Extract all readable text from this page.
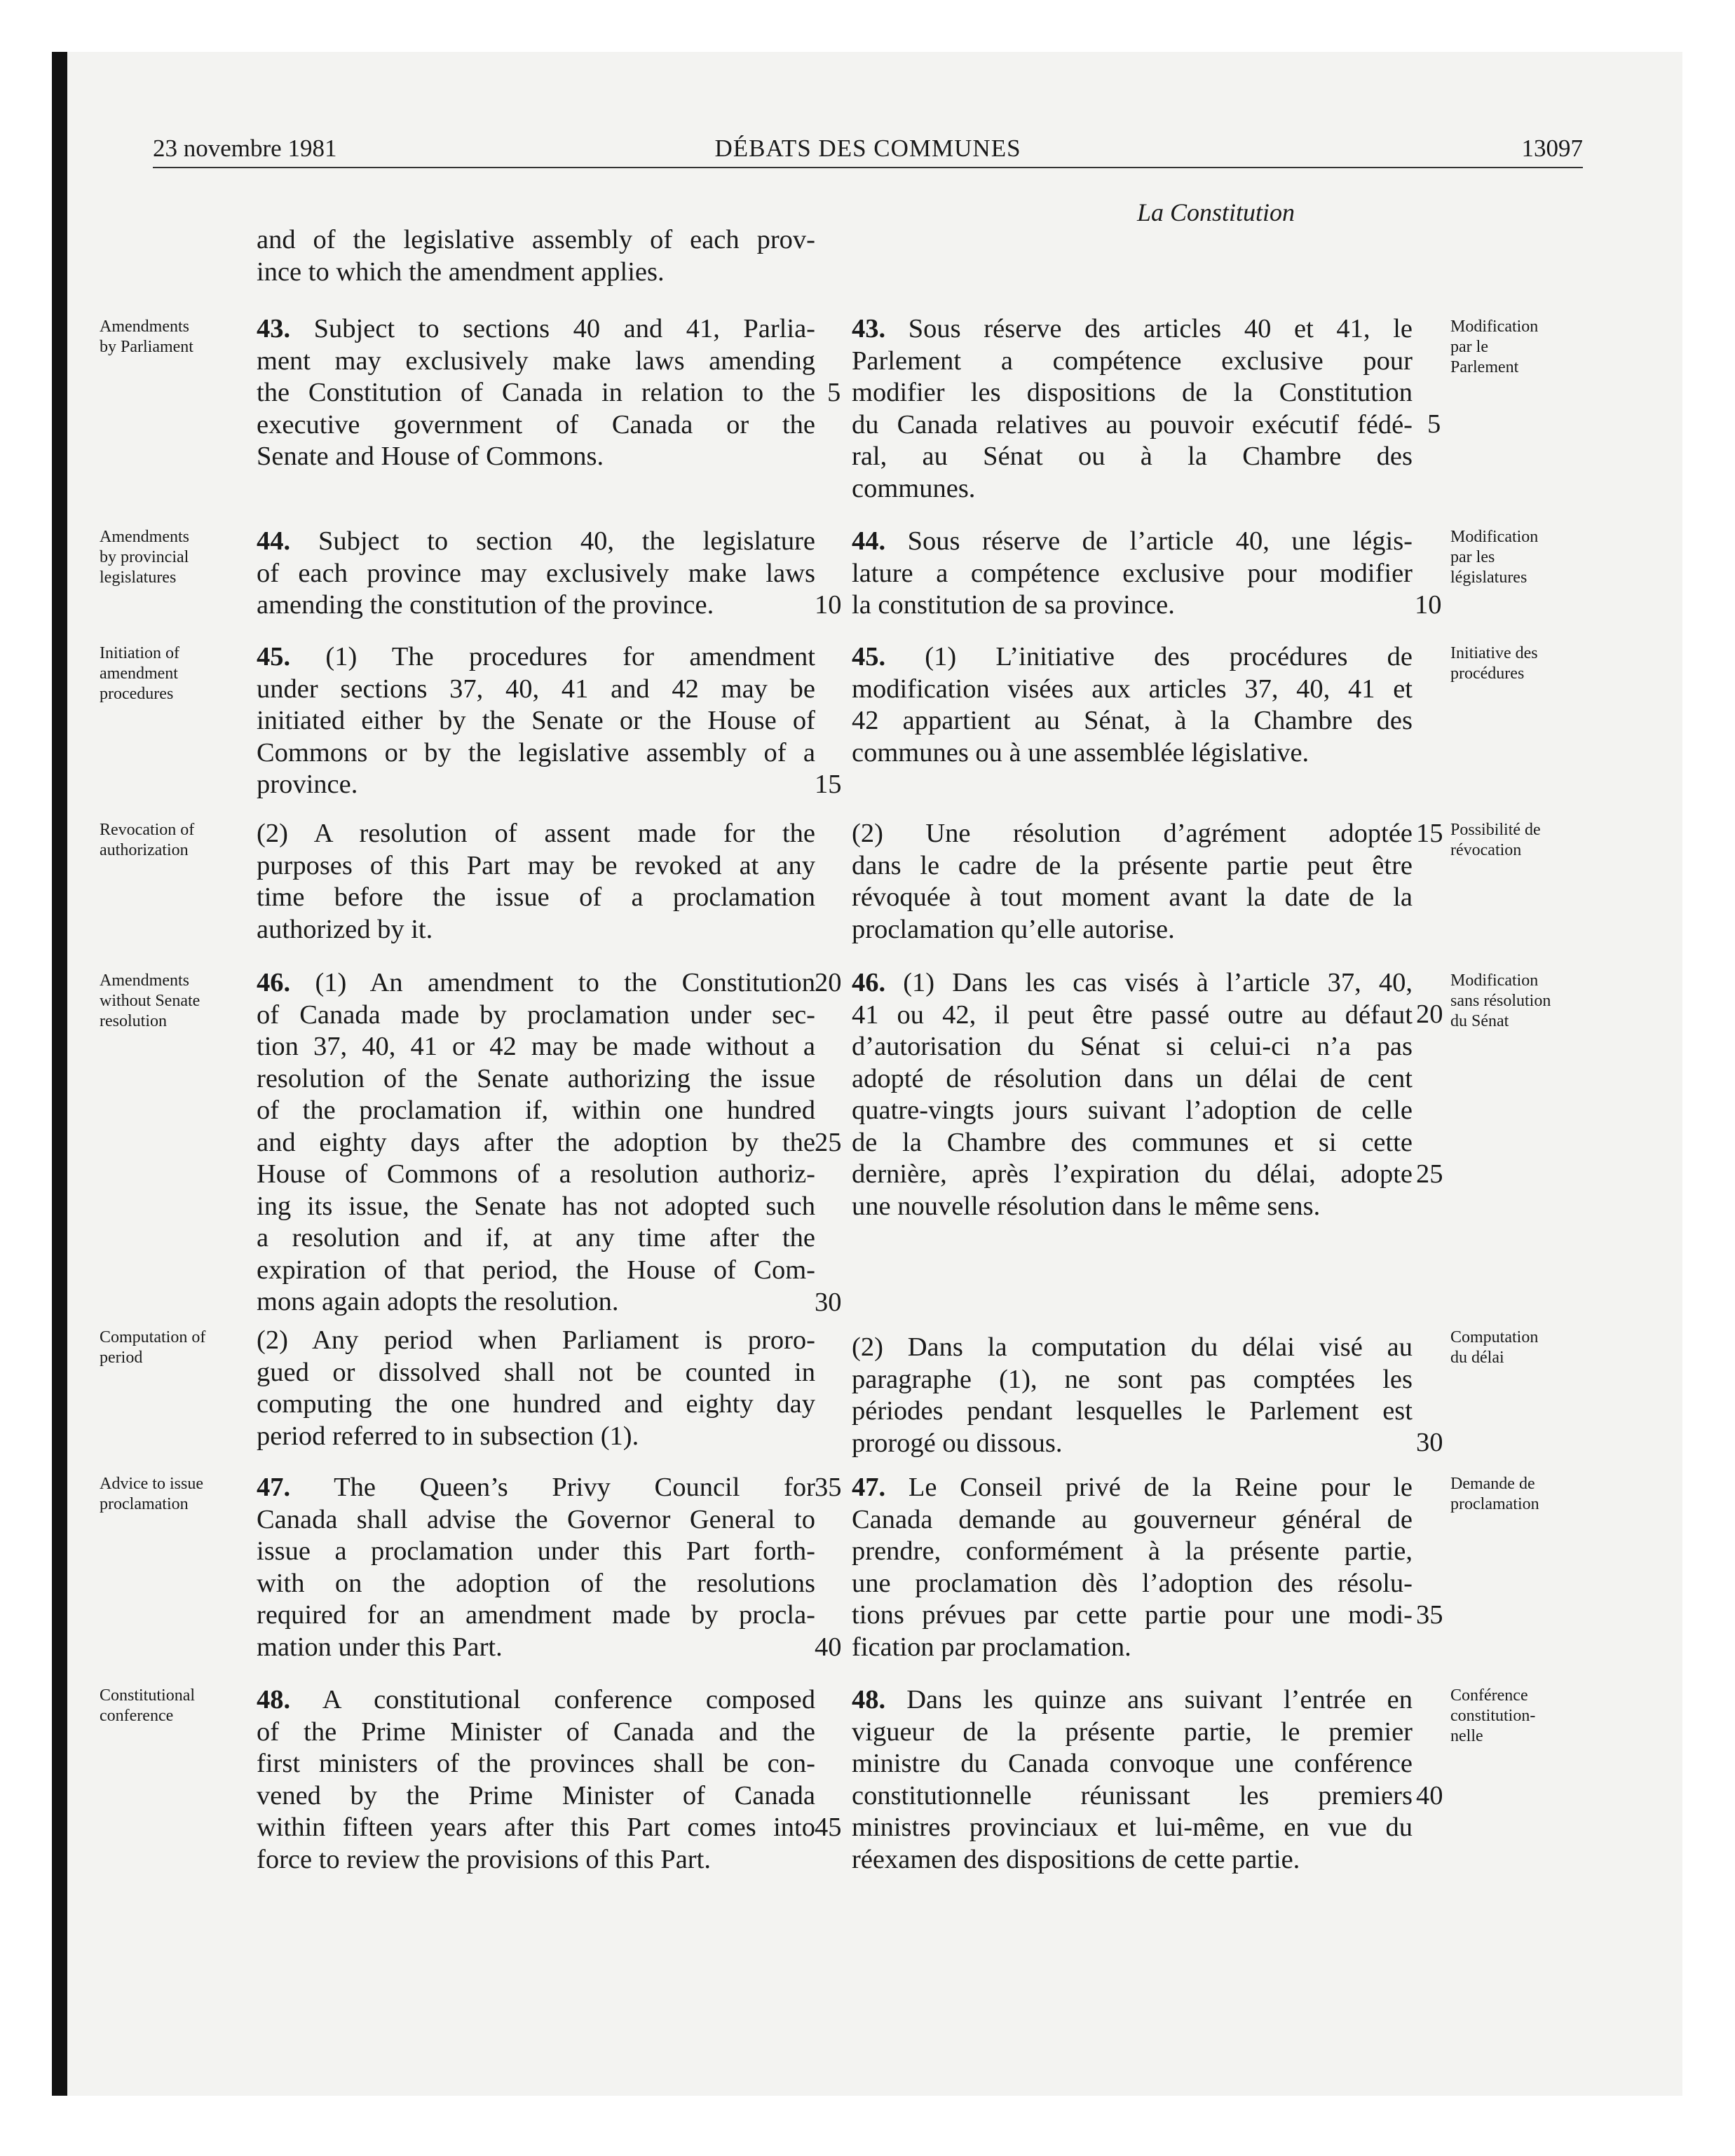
23 novembre 1981	DÉBATS DES COMMUNES	13097
La Constitution
and of the legislative assembly of each prov-
ince to which the amendment applies.
43. Subject to sections 40 and 41, Parlia-
ment may exclusively make laws amending
the Constitution of Canada in relation to the
executive government of Canada or the
Senate and House of Commons.
44. Subject to section 40, the legislature
of each province may exclusively make laws
amending the constitution of the province.
45. (1) The procedures for amendment
under sections 37, 40, 41 and 42 may be
initiated either by the Senate or the House of
Commons or by the legislative assembly of a
province.
(2) A resolution of assent made for the
purposes of this Part may be revoked at any
time before the issue of a proclamation
authorized by it.
46. (1) An amendment to the Constitution
of Canada made by proclamation under sec-
tion 37, 40, 41 or 42 may be made without a
resolution of the Senate authorizing the issue
of the proclamation if, within one hundred
and eighty days after the adoption by the
House of Commons of a resolution authoriz-
ing its issue, the Senate has not adopted such
a resolution and if, at any time after the
expiration of that period, the House of Com-
mons again adopts the resolution.
(2) Any period when Parliament is proro-
gued or dissolved shall not be counted in
computing the one hundred and eighty day
period referred to in subsection (1).
47. The Queen’s Privy Council for
Canada shall advise the Governor General to
issue a proclamation under this Part forth-
with on the adoption of the resolutions
required for an amendment made by procla-
mation under this Part.
48. A constitutional conference composed
of the Prime Minister of Canada and the
first ministers of the provinces shall be con-
vened by the Prime Minister of Canada
within fifteen years after this Part comes into
force to review the provisions of this Part.
43. Sous réserve des articles 40 et 41, le
Parlement a compétence exclusive pour
modifier les dispositions de la Constitution
du Canada relatives au pouvoir exécutif fédé-
ral, au Sénat ou à la Chambre des
communes.
44. Sous réserve de l’article 40, une légis-
lature a compétence exclusive pour modifier
la constitution de sa province.
45. (1) L’initiative des procédures de
modification visées aux articles 37, 40, 41 et
42 appartient au Sénat, à la Chambre des
communes ou à une assemblée législative.
(2) Une résolution d’agrément adoptée
dans le cadre de la présente partie peut être
révoquée à tout moment avant la date de la
proclamation qu’elle autorise.
46. (1) Dans les cas visés à l’article 37, 40,
41 ou 42, il peut être passé outre au défaut
d’autorisation du Sénat si celui-ci n’a pas
adopté de résolution dans un délai de cent
quatre-vingts jours suivant l’adoption de celle
de la Chambre des communes et si cette
dernière, après l’expiration du délai, adopte
une nouvelle résolution dans le même sens.
(2) Dans la computation du délai visé au
paragraphe (1), ne sont pas comptées les
périodes pendant lesquelles le Parlement est
prorogé ou dissous.
47. Le Conseil privé de la Reine pour le
Canada demande au gouverneur général de
prendre, conformément à la présente partie,
une proclamation dès l’adoption des résolu-
tions prévues par cette partie pour une modi-
fication par proclamation.
48. Dans les quinze ans suivant l’entrée en
vigueur de la présente partie, le premier
ministre du Canada convoque une conférence
constitutionnelle réunissant les premiers
ministres provinciaux et lui-même, en vue du
réexamen des dispositions de cette partie.
Amendments
by Parliament
Amendments
by provincial
legislatures
Initiation of
amendment
procedures
Revocation of
authorization
Amendments
without Senate
resolution
Computation of
period
Advice to issue
proclamation
Constitutional
conference
Modification
par le
Parlement
Modification
par les
législatures
Initiative des
procédures
Possibilité de
révocation
Modification
sans résolution
du Sénat
Computation
du délai
Demande de
proclamation
Conférence
constitution-
nelle
5
10
15
20
25
30
35
40
45
5
10
15
20
25
30
35
40
